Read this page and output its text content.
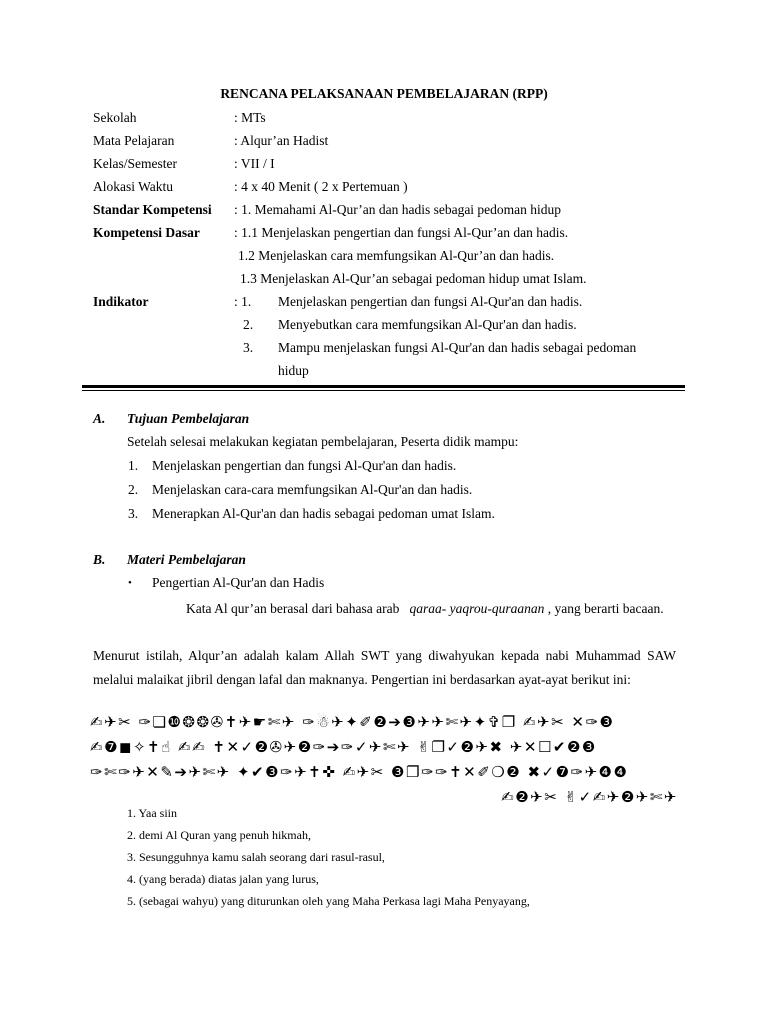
RENCANA PELAKSANAAN PEMBELAJARAN (RPP)
Sekolah	: MTs
Mata Pelajaran	: Alqur’an Hadist
Kelas/Semester	: VII / I
Alokasi Waktu	: 4 x 40 Menit ( 2 x Pertemuan )
Standar Kompetensi : 1. Memahami Al-Qur’an dan hadis sebagai pedoman hidup
Kompetensi Dasar	: 1.1 Menjelaskan pengertian dan fungsi Al-Qur’an dan hadis.
1.2 Menjelaskan cara memfungsikan Al-Qur’an dan hadis.
1.3 Menjelaskan Al-Qur’an sebagai pedoman hidup umat Islam.
Indikator	: 1. Menjelaskan pengertian dan fungsi Al-Qur'an dan hadis.
2. Menyebutkan cara memfungsikan Al-Qur'an dan hadis.
3. Mampu menjelaskan fungsi Al-Qur'an dan hadis sebagai pedoman
hidup
A. Tujuan Pembelajaran
Setelah selesai melakukan kegiatan pembelajaran, Peserta didik mampu:
1. Menjelaskan pengertian dan fungsi Al-Qur'an dan hadis.
2. Menjelaskan cara-cara memfungsikan Al-Qur'an dan hadis.
3. Menerapkan Al-Qur'an dan hadis sebagai pedoman umat Islam.
B. Materi Pembelajaran
• Pengertian Al-Qur'an dan Hadis
Kata Al qur’an berasal dari bahasa arab qaraa- yaqrou-quraanan , yang berarti bacaan.
Menurut istilah, Alqur’an adalah kalam Allah SWT yang diwahyukan kepada nabi Muhammad SAW melalui malaikat jibril dengan lafal dan maknanya. Pengertian ini berdasarkan ayat-ayat berikut ini:
✍✈✂ ✑❏❿❂❂✇✝✈☛✄✈ ✑☃✈✦✐❷➔❸✈✈✄✈✦✞❐ ✍✈✂ ✕✑❸
✍❼◼✧✝☝ ✍✍ ✝✕✓❷✇✈❷✑➔✑✓✈✄✈ ✌❐✓❷✈✖ ✈✕☐✔❷❸
✑✄✑✈✕✎➔✈✄✈ ✦✔❸✑✈✝✜ ✍✈✂ ❸❐✑✑✝✕✐❍❷ ✖✓❼✑✈❹❹
✍❷✈✂ ✌✓✍✈❷✈✄✈
1. Yaa siin
2. demi Al Quran yang penuh hikmah,
3. Sesungguhnya kamu salah seorang dari rasul-rasul,
4. (yang berada) diatas jalan yang lurus,
5. (sebagai wahyu) yang diturunkan oleh yang Maha Perkasa lagi Maha Penyayang,
